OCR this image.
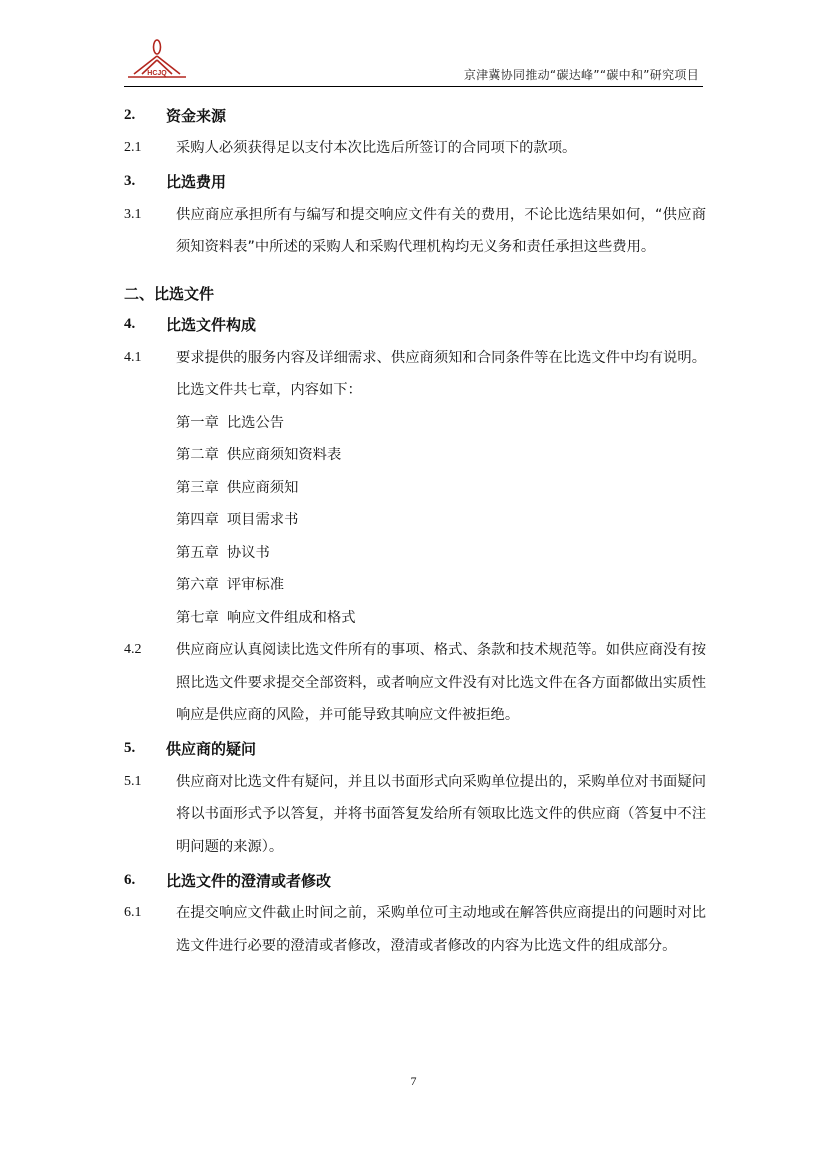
HCJQ	京津冀协同推动“碳达峰”“碳中和”研究项目
2.	资金来源
2.1	采购人必须获得足以支付本次比选后所签订的合同项下的款项。
3.	比选费用
3.1	供应商应承担所有与编写和提交响应文件有关的费用，不论比选结果如何，“供应商须知资料表”中所述的采购人和采购代理机构均无义务和责任承担这些费用。
二、比选文件
4.	比选文件构成
4.1	要求提供的服务内容及详细需求、供应商须知和合同条件等在比选文件中均有说明。比选文件共七章，内容如下：
第一章 比选公告
第二章 供应商须知资料表
第三章 供应商须知
第四章 项目需求书
第五章 协议书
第六章 评审标准
第七章 响应文件组成和格式
4.2	供应商应认真阅读比选文件所有的事项、格式、条款和技术规范等。如供应商没有按照比选文件要求提交全部资料，或者响应文件没有对比选文件在各方面都做出实质性响应是供应商的风险，并可能导致其响应文件被拒绝。
5.	供应商的疑问
5.1	供应商对比选文件有疑问，并且以书面形式向采购单位提出的，采购单位对书面疑问将以书面形式予以答复，并将书面答复发给所有领取比选文件的供应商（答复中不注明问题的来源）。
6.	比选文件的澄清或者修改
6.1	在提交响应文件截止时间之前，采购单位可主动地或在解答供应商提出的问题时对比选文件进行必要的澄清或者修改，澄清或者修改的内容为比选文件的组成部分。
7
